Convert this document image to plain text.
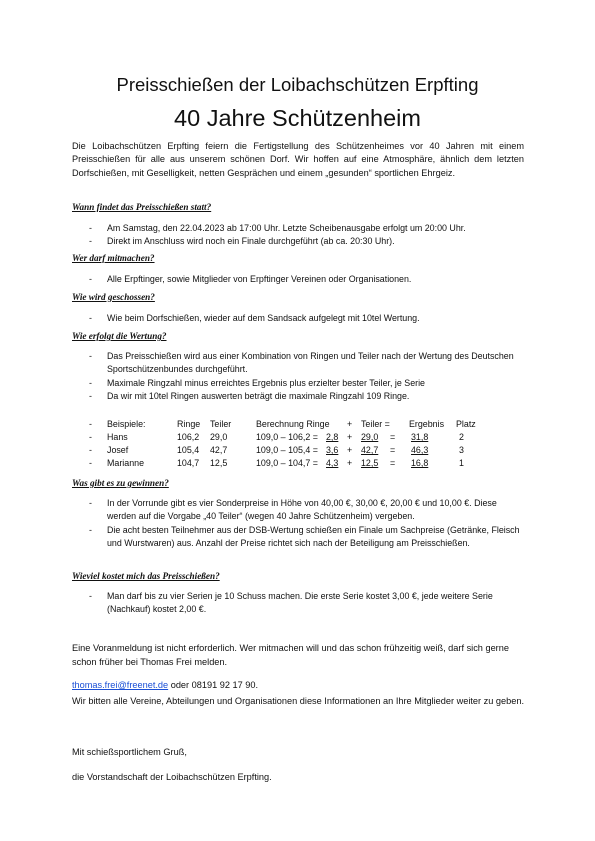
Preisschießen der Loibachschützen Erpfting
40 Jahre Schützenheim
Die Loibachschützen Erpfting feiern die Fertigstellung des Schützenheimes vor 40 Jahren mit einem Preisschießen für alle aus unserem schönen Dorf. Wir hoffen auf eine Atmosphäre, ähnlich dem letzten Dorfschießen, mit Geselligkeit, netten Gesprächen und einem „gesunden“ sportlichen Ehrgeiz.
Wann findet das Preisschießen statt?
- Am Samstag, den 22.04.2023 ab 17:00 Uhr. Letzte Scheibenausgabe erfolgt um 20:00 Uhr.
- Direkt im Anschluss wird noch ein Finale durchgeführt (ab ca. 20:30 Uhr).
Wer darf mitmachen?
- Alle Erpftinger, sowie Mitglieder von Erpftinger Vereinen oder Organisationen.
Wie wird geschossen?
- Wie beim Dorfschießen, wieder auf dem Sandsack aufgelegt mit 10tel Wertung.
Wie erfolgt die Wertung?
- Das Preisschießen wird aus einer Kombination von Ringen und Teiler nach der Wertung des Deutschen Sportschützenbundes durchgeführt.
- Maximale Ringzahl minus erreichtes Ergebnis plus erzielter bester Teiler, je Serie
- Da wir mit 10tel Ringen auswerten beträgt die maximale Ringzahl 109 Ringe.
- Beispiele:	Ringe Teiler	Berechnung Ringe + Teiler = Ergebnis Platz
- Hans	106,2 29,0	109,0 – 106,2 = 2,8 + 29,0 = 31,8	2
- Josef	105,4 42,7	109,0 – 105,4 = 3,6 + 42,7 = 46,3	3
- Marianne	104,7 12,5	109,0 – 104,7 = 4,3 + 12,5 = 16,8	1
Was gibt es zu gewinnen?
- In der Vorrunde gibt es vier Sonderpreise in Höhe von 40,00 €, 30,00 €, 20,00 € und 10,00 €. Diese werden auf die Vorgabe „40 Teiler“ (wegen 40 Jahre Schützenheim) vergeben.
- Die acht besten Teilnehmer aus der DSB-Wertung schießen ein Finale um Sachpreise (Getränke, Fleisch und Wurstwaren) aus. Anzahl der Preise richtet sich nach der Beteiligung am Preisschießen.
Wieviel kostet mich das Preisschießen?
- Man darf bis zu vier Serien je 10 Schuss machen. Die erste Serie kostet 3,00 €, jede weitere Serie (Nachkauf) kostet 2,00 €.
Eine Voranmeldung ist nicht erforderlich. Wer mitmachen will und das schon frühzeitig weiß, darf sich gerne schon früher bei Thomas Frei melden.
thomas.frei@freenet.de oder 08191 92 17 90.
Wir bitten alle Vereine, Abteilungen und Organisationen diese Informationen an Ihre Mitglieder weiter zu geben.
Mit schießsportlichem Gruß,
die Vorstandschaft der Loibachschützen Erpfting.
